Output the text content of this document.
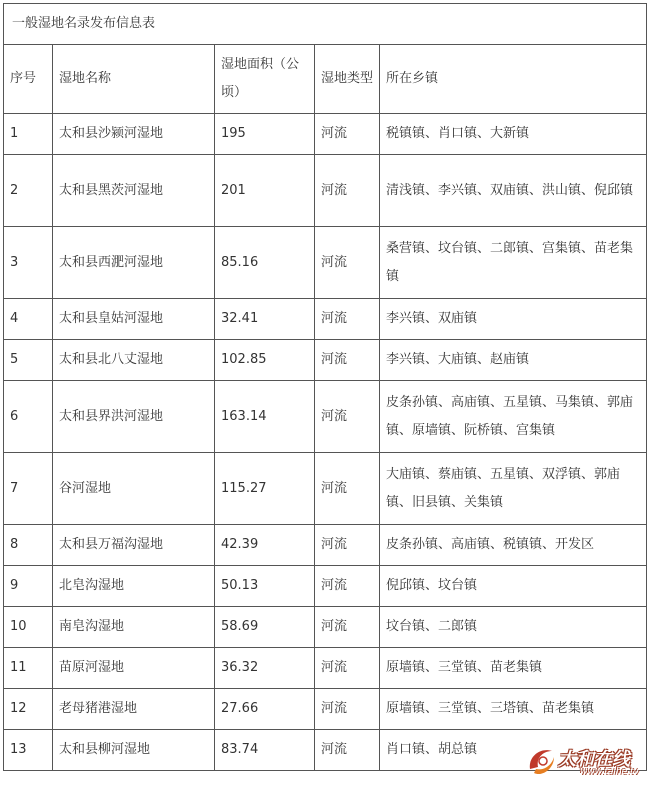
一般湿地名录发布信息表				
序号	湿地名称	湿地面积（公顷）	湿地类型	所在乡镇
1	太和县沙颍河湿地	195	河流	税镇镇、肖口镇、大新镇
2	太和县黑茨河湿地	201	河流	清浅镇、李兴镇、双庙镇、洪山镇、倪邱镇
3	太和县西淝河湿地	85.16	河流	桑营镇、坟台镇、二郎镇、宫集镇、苗老集镇
4	太和县皇姑河湿地	32.41	河流	李兴镇、双庙镇
5	太和县北八丈湿地	102.85	河流	李兴镇、大庙镇、赵庙镇
6	太和县界洪河湿地	163.14	河流	皮条孙镇、高庙镇、五星镇、马集镇、郭庙镇、原墙镇、阮桥镇、宫集镇
7	谷河湿地	115.27	河流	大庙镇、蔡庙镇、五星镇、双浮镇、郭庙镇、旧县镇、关集镇
8	太和县万福沟湿地	42.39	河流	皮条孙镇、高庙镇、税镇镇、开发区
9	北皂沟湿地	50.13	河流	倪邱镇、坟台镇
10	南皂沟湿地	58.69	河流	坟台镇、二郎镇
11	苗原河湿地	36.32	河流	原墙镇、三堂镇、苗老集镇
12	老母猪港湿地	27.66	河流	原墙镇、三堂镇、三塔镇、苗老集镇
13	太和县柳河湿地	83.74	河流	肖口镇、胡总镇	太和在线
www.taihe.tv
